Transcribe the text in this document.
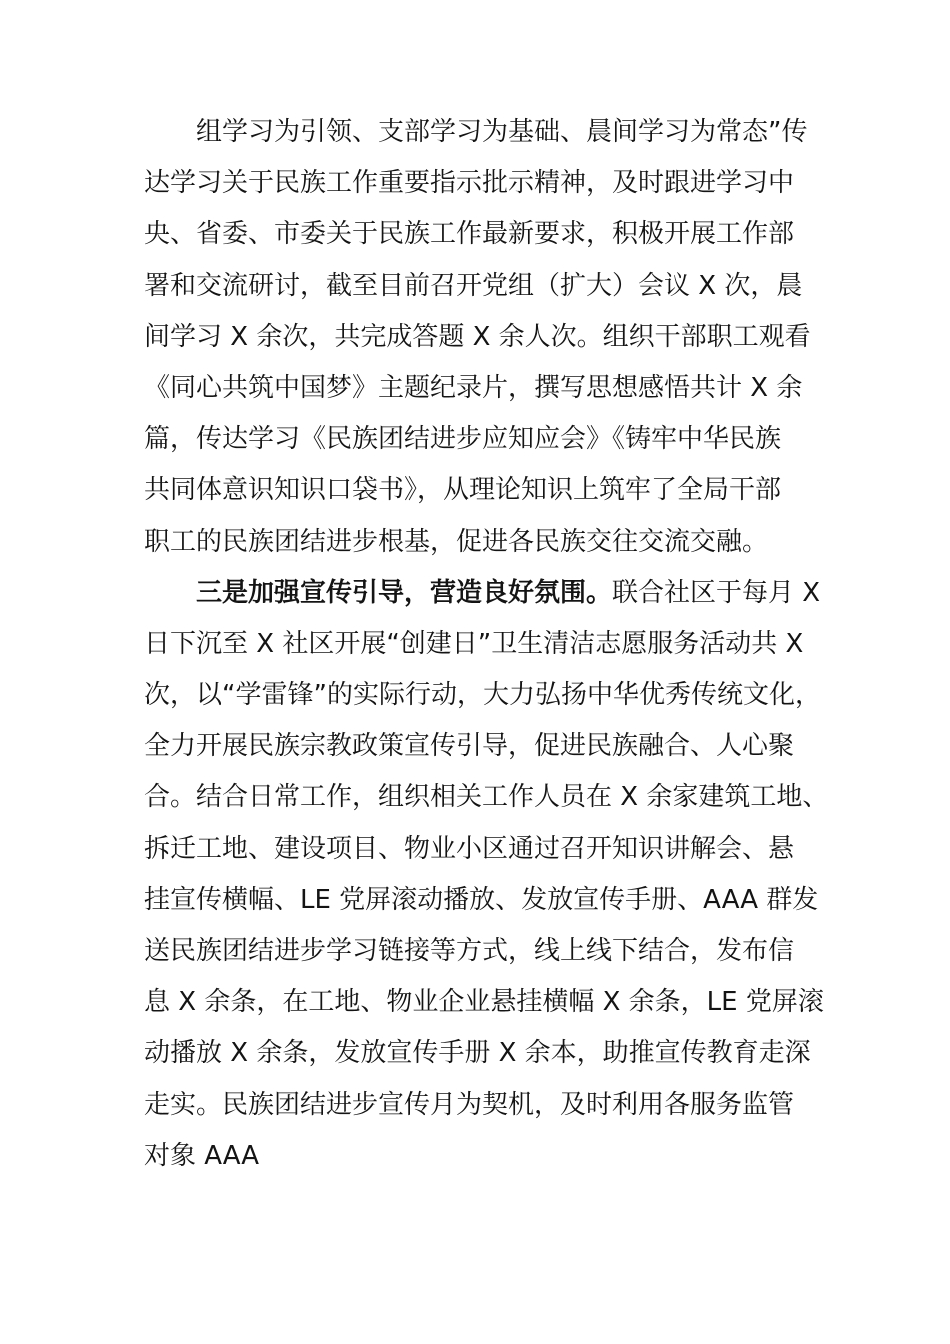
组学习为引领、支部学习为基础、晨间学习为常态”传
达学习关于民族工作重要指示批示精神，及时跟进学习中
央、省委、市委关于民族工作最新要求，积极开展工作部
署和交流研讨，截至目前召开党组（扩大）会议 X 次，晨
间学习 X 余次，共完成答题 X 余人次。组织干部职工观看
《同心共筑中国梦》主题纪录片，撰写思想感悟共计 X 余
篇，传达学习《民族团结进步应知应会》《铸牢中华民族
共同体意识知识口袋书》，从理论知识上筑牢了全局干部
职工的民族团结进步根基，促进各民族交往交流交融。
三是加强宣传引导，营造良好氛围。联合社区于每月 X
日下沉至 X 社区开展“创建日”卫生清洁志愿服务活动共 X
次，以“学雷锋”的实际行动，大力弘扬中华优秀传统文化，
全力开展民族宗教政策宣传引导，促进民族融合、人心聚
合。结合日常工作，组织相关工作人员在 X 余家建筑工地、
拆迁工地、建设项目、物业小区通过召开知识讲解会、悬
挂宣传横幅、LE 党屏滚动播放、发放宣传手册、AAA 群发
送民族团结进步学习链接等方式，线上线下结合，发布信
息 X 余条，在工地、物业企业悬挂横幅 X 余条，LE 党屏滚
动播放 X 余条，发放宣传手册 X 余本，助推宣传教育走深
走实。民族团结进步宣传月为契机，及时利用各服务监管
对象 AAA
